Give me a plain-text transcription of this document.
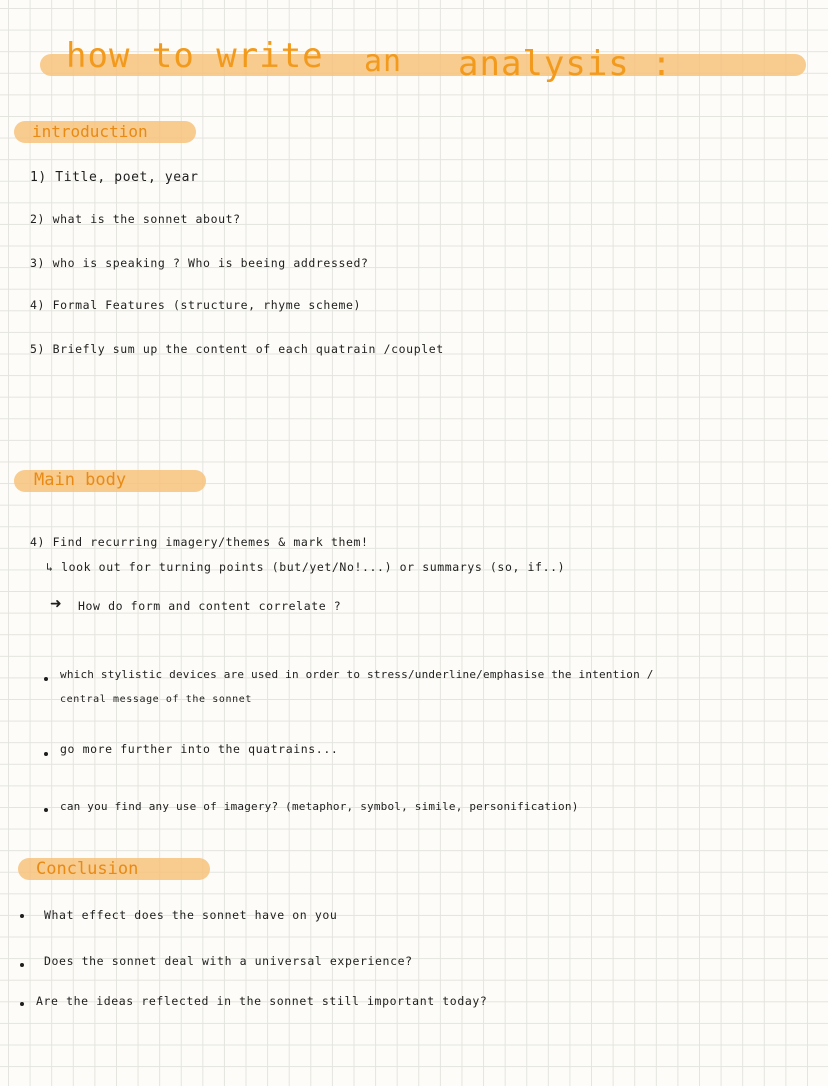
how to write an analysis :
introduction
1) Title, poet, year
2) what is the sonnet about?
3) who is speaking ? Who is beeing addressed?
4) Formal Features (structure, rhyme scheme)
5) Briefly sum up the content of each quatrain /couplet
Main body
4) Find recurring imagery/themes & mark them!
↳ look out for turning points (but/yet/No!...) or summarys (so, if..)
➜ How do form and content correlate ?
which stylistic devices are used in order to stress/underline/emphasise the intention /
central message of the sonnet
go more further into the quatrains...
can you find any use of imagery? (metaphor, symbol, simile, personification)
Conclusion
What effect does the sonnet have on you
Does the sonnet deal with a universal experience?
Are the ideas reflected in the sonnet still important today?
